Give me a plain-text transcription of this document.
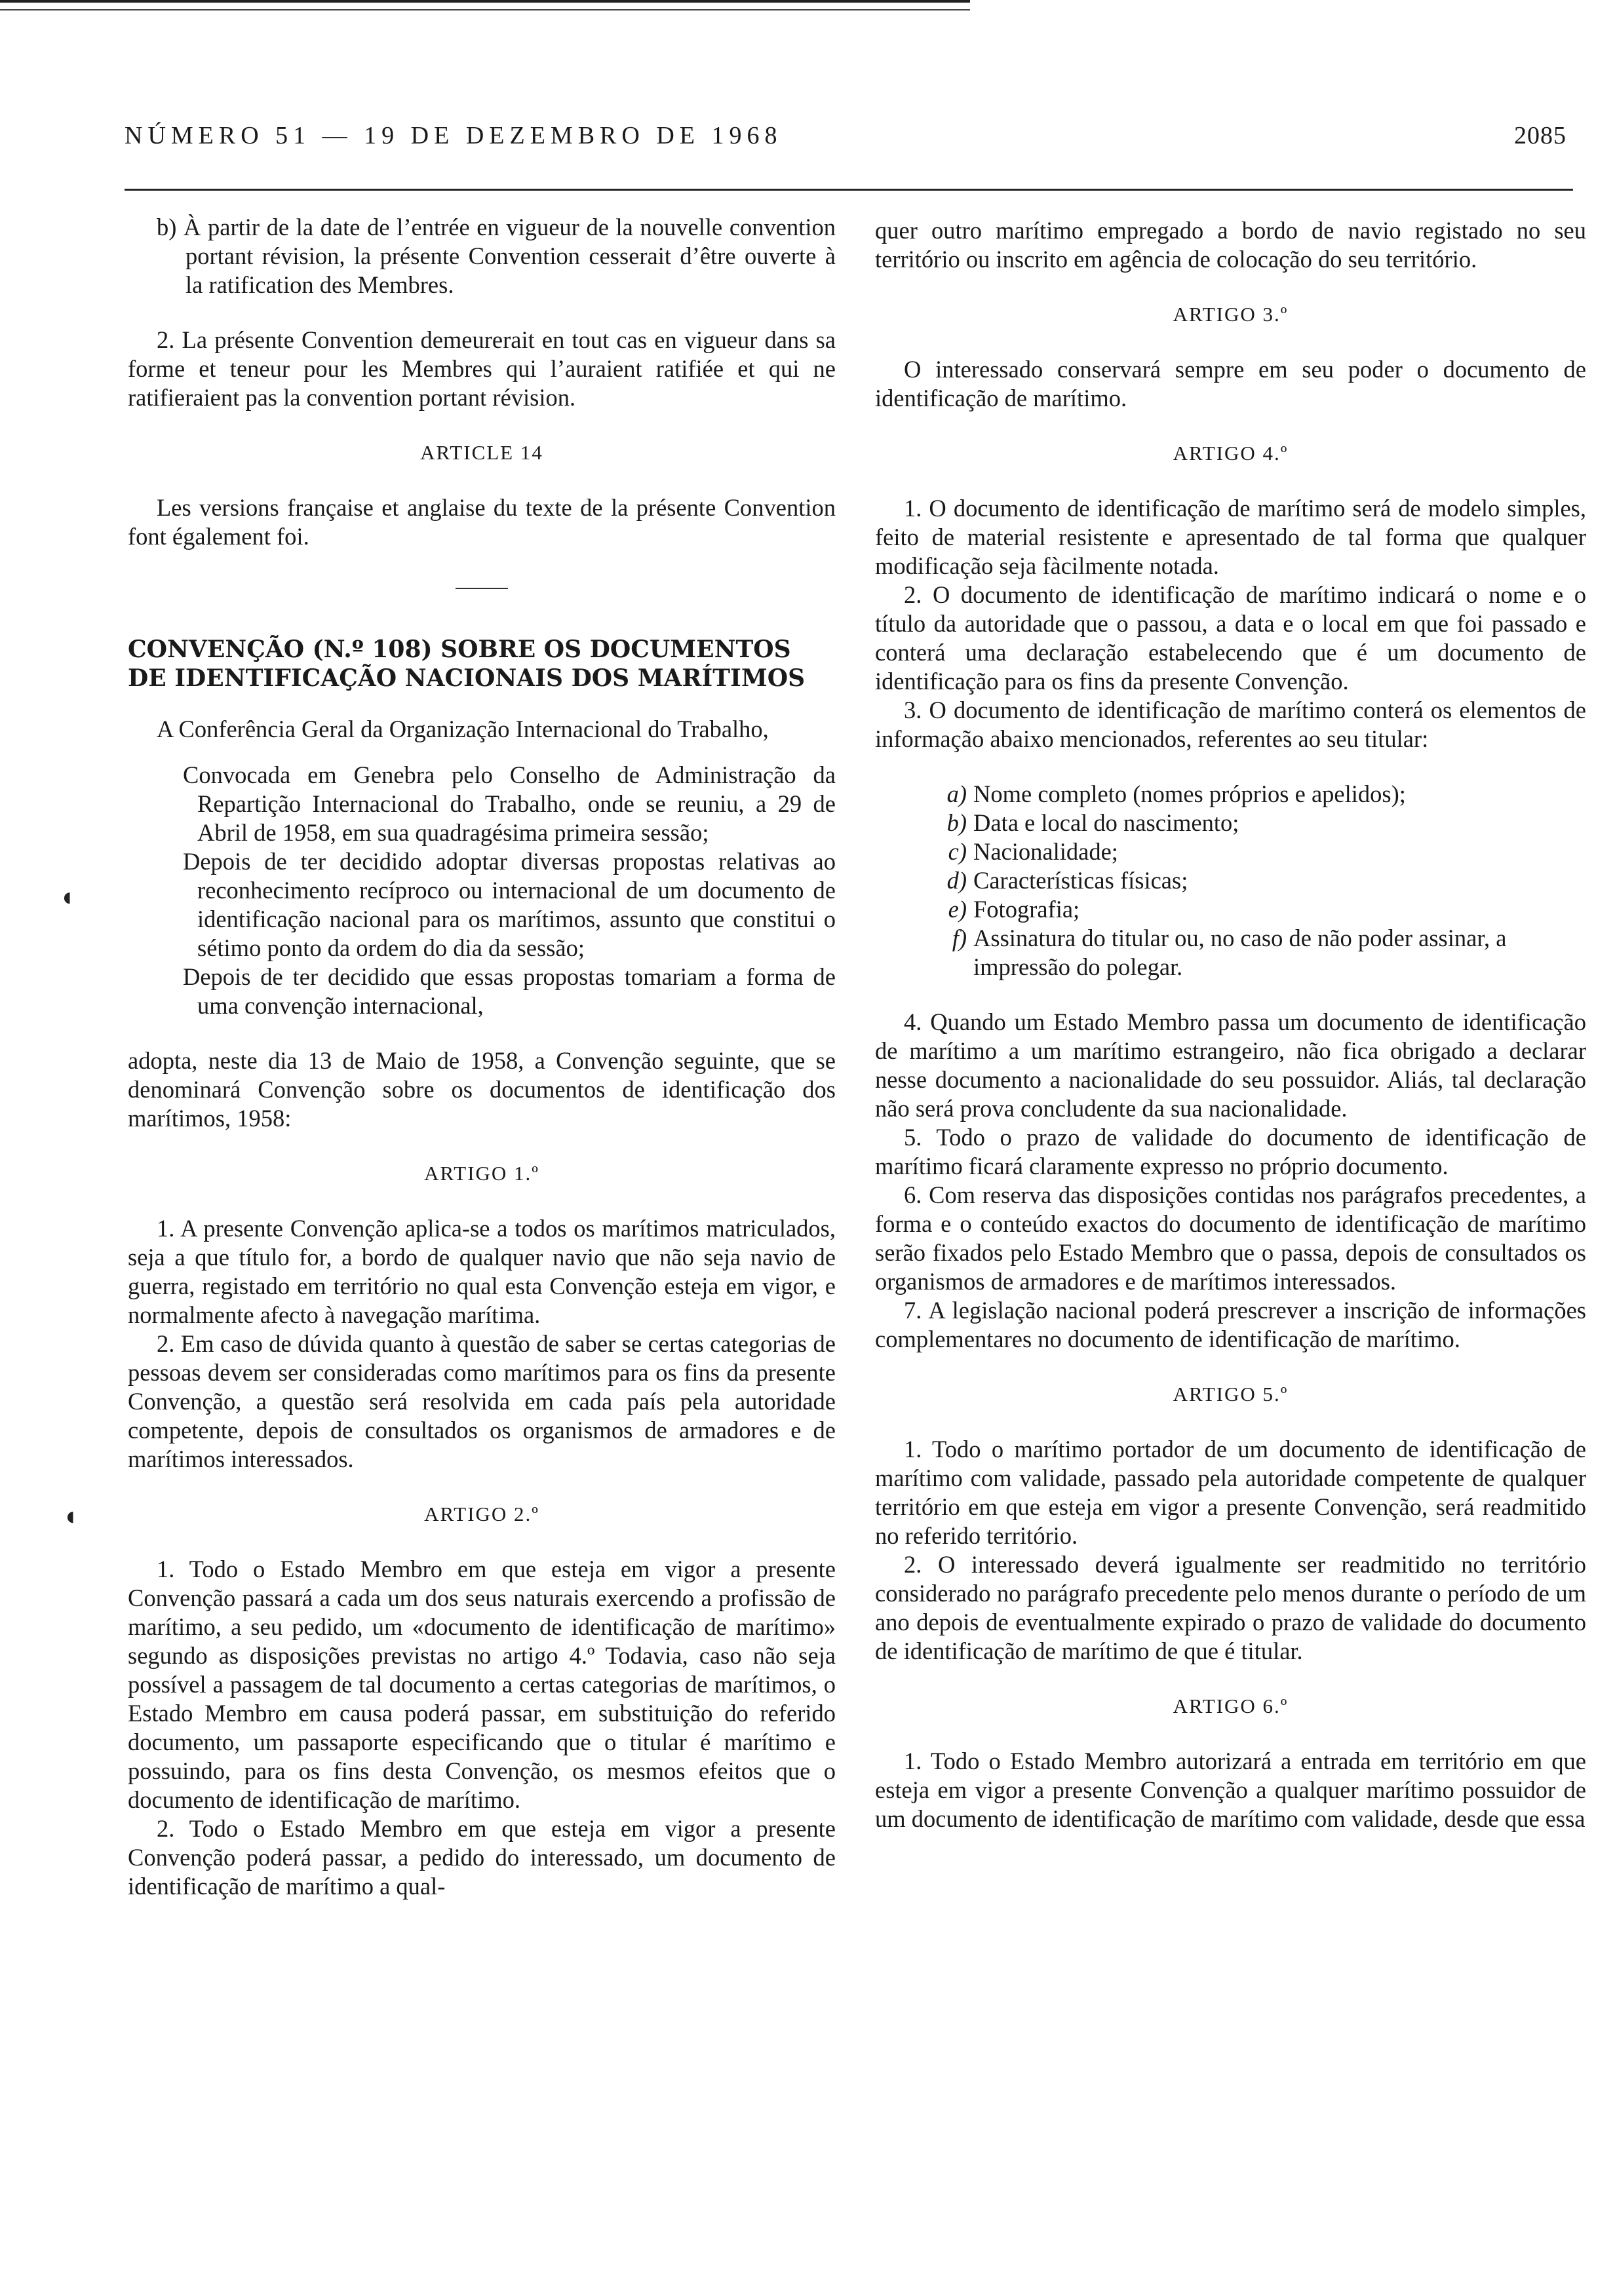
NÚMERO 51 — 19 DE DEZEMBRO DE 1968	2085
◖
◖

b) À partir de la date de l’entrée en vigueur de la nouvelle convention portant révision, la présente Convention cesserait d’être ouverte à la ratification des Membres.

2. La présente Convention demeurerait en tout cas en vigueur dans sa forme et teneur pour les Membres qui l’auraient ratifiée et qui ne ratifieraient pas la convention portant révision.

ARTICLE 14

Les versions française et anglaise du texte de la présente Convention font également foi.

CONVENÇÃO (N.º 108) SOBRE OS DOCUMENTOS DE IDENTIFICAÇÃO NACIONAIS DOS MARÍTIMOS

A Conferência Geral da Organização Internacional do Trabalho,

Convocada em Genebra pelo Conselho de Administração da Repartição Internacional do Trabalho, onde se reuniu, a 29 de Abril de 1958, em sua quadragésima primeira sessão;

Depois de ter decidido adoptar diversas propostas relativas ao reconhecimento recíproco ou internacional de um documento de identificação nacional para os marítimos, assunto que constitui o sétimo ponto da ordem do dia da sessão;

Depois de ter decidido que essas propostas tomariam a forma de uma convenção internacional,

adopta, neste dia 13 de Maio de 1958, a Convenção seguinte, que se denominará Convenção sobre os documentos de identificação dos marítimos, 1958:

ARTIGO 1.º

1. A presente Convenção aplica-se a todos os marítimos matriculados, seja a que título for, a bordo de qualquer navio que não seja navio de guerra, registado em território no qual esta Convenção esteja em vigor, e normalmente afecto à navegação marítima.

2. Em caso de dúvida quanto à questão de saber se certas categorias de pessoas devem ser consideradas como marítimos para os fins da presente Convenção, a questão será resolvida em cada país pela autoridade competente, depois de consultados os organismos de armadores e de marítimos interessados.

ARTIGO 2.º

1. Todo o Estado Membro em que esteja em vigor a presente Convenção passará a cada um dos seus naturais exercendo a profissão de marítimo, a seu pedido, um «documento de identificação de marítimo» segundo as disposições previstas no artigo 4.º Todavia, caso não seja possível a passagem de tal documento a certas categorias de marítimos, o Estado Membro em causa poderá passar, em substituição do referido documento, um passaporte especificando que o titular é marítimo e possuindo, para os fins desta Convenção, os mesmos efeitos que o documento de identificação de marítimo.

2. Todo o Estado Membro em que esteja em vigor a presente Convenção poderá passar, a pedido do interessado, um documento de identificação de marítimo a qual-

quer outro marítimo empregado a bordo de navio registado no seu território ou inscrito em agência de colocação do seu território.

ARTIGO 3.º

O interessado conservará sempre em seu poder o documento de identificação de marítimo.

ARTIGO 4.º

1. O documento de identificação de marítimo será de modelo simples, feito de material resistente e apresentado de tal forma que qualquer modificação seja fàcilmente notada.

2. O documento de identificação de marítimo indicará o nome e o título da autoridade que o passou, a data e o local em que foi passado e conterá uma declaração estabelecendo que é um documento de identificação para os fins da presente Convenção.

3. O documento de identificação de marítimo conterá os elementos de informação abaixo mencionados, referentes ao seu titular:

a) Nome completo (nomes próprios e apelidos);
b) Data e local do nascimento;
c) Nacionalidade;
d) Características físicas;
e) Fotografia;
f) Assinatura do titular ou, no caso de não poder assinar, a impressão do polegar.

4. Quando um Estado Membro passa um documento de identificação de marítimo a um marítimo estrangeiro, não fica obrigado a declarar nesse documento a nacionalidade do seu possuidor. Aliás, tal declaração não será prova concludente da sua nacionalidade.

5. Todo o prazo de validade do documento de identificação de marítimo ficará claramente expresso no próprio documento.

6. Com reserva das disposições contidas nos parágrafos precedentes, a forma e o conteúdo exactos do documento de identificação de marítimo serão fixados pelo Estado Membro que o passa, depois de consultados os organismos de armadores e de marítimos interessados.

7. A legislação nacional poderá prescrever a inscrição de informações complementares no documento de identificação de marítimo.

ARTIGO 5.º

1. Todo o marítimo portador de um documento de identificação de marítimo com validade, passado pela autoridade competente de qualquer território em que esteja em vigor a presente Convenção, será readmitido no referido território.

2. O interessado deverá igualmente ser readmitido no território considerado no parágrafo precedente pelo menos durante o período de um ano depois de eventualmente expirado o prazo de validade do documento de identificação de marítimo de que é titular.

ARTIGO 6.º

1. Todo o Estado Membro autorizará a entrada em território em que esteja em vigor a presente Convenção a qualquer marítimo possuidor de um documento de identificação de marítimo com validade, desde que essa
